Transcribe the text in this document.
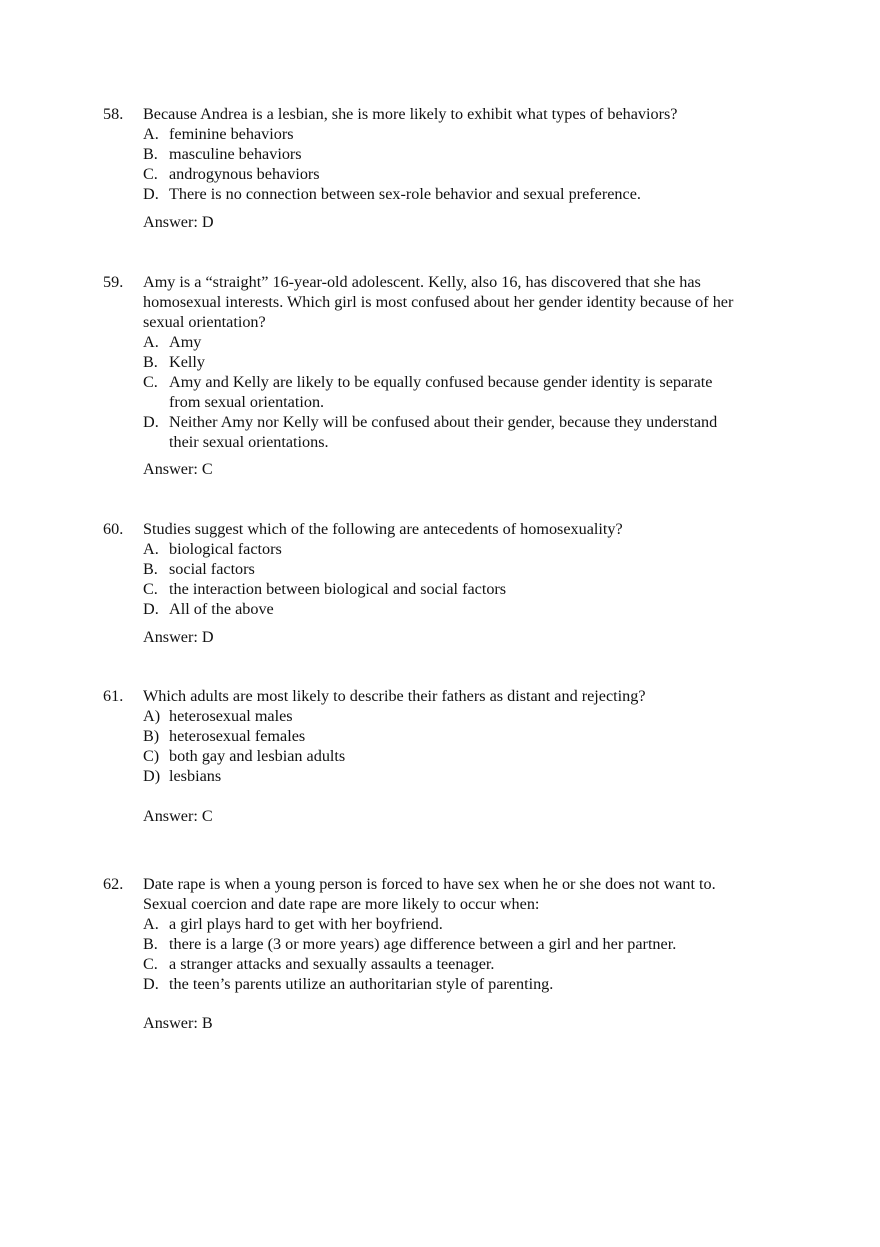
58. Because Andrea is a lesbian, she is more likely to exhibit what types of behaviors?
A. feminine behaviors
B. masculine behaviors
C. androgynous behaviors
D. There is no connection between sex-role behavior and sexual preference.
Answer: D
59. Amy is a “straight” 16-year-old adolescent. Kelly, also 16, has discovered that she has
homosexual interests. Which girl is most confused about her gender identity because of her
sexual orientation?
A. Amy
B. Kelly
C. Amy and Kelly are likely to be equally confused because gender identity is separate
from sexual orientation.
D. Neither Amy nor Kelly will be confused about their gender, because they understand
their sexual orientations.
Answer: C
60. Studies suggest which of the following are antecedents of homosexuality?
A. biological factors
B. social factors
C. the interaction between biological and social factors
D. All of the above
Answer: D
61. Which adults are most likely to describe their fathers as distant and rejecting?
A) heterosexual males
B) heterosexual females
C) both gay and lesbian adults
D) lesbians
Answer: C
62. Date rape is when a young person is forced to have sex when he or she does not want to.
Sexual coercion and date rape are more likely to occur when:
A. a girl plays hard to get with her boyfriend.
B. there is a large (3 or more years) age difference between a girl and her partner.
C. a stranger attacks and sexually assaults a teenager.
D. the teen’s parents utilize an authoritarian style of parenting.
Answer: B
